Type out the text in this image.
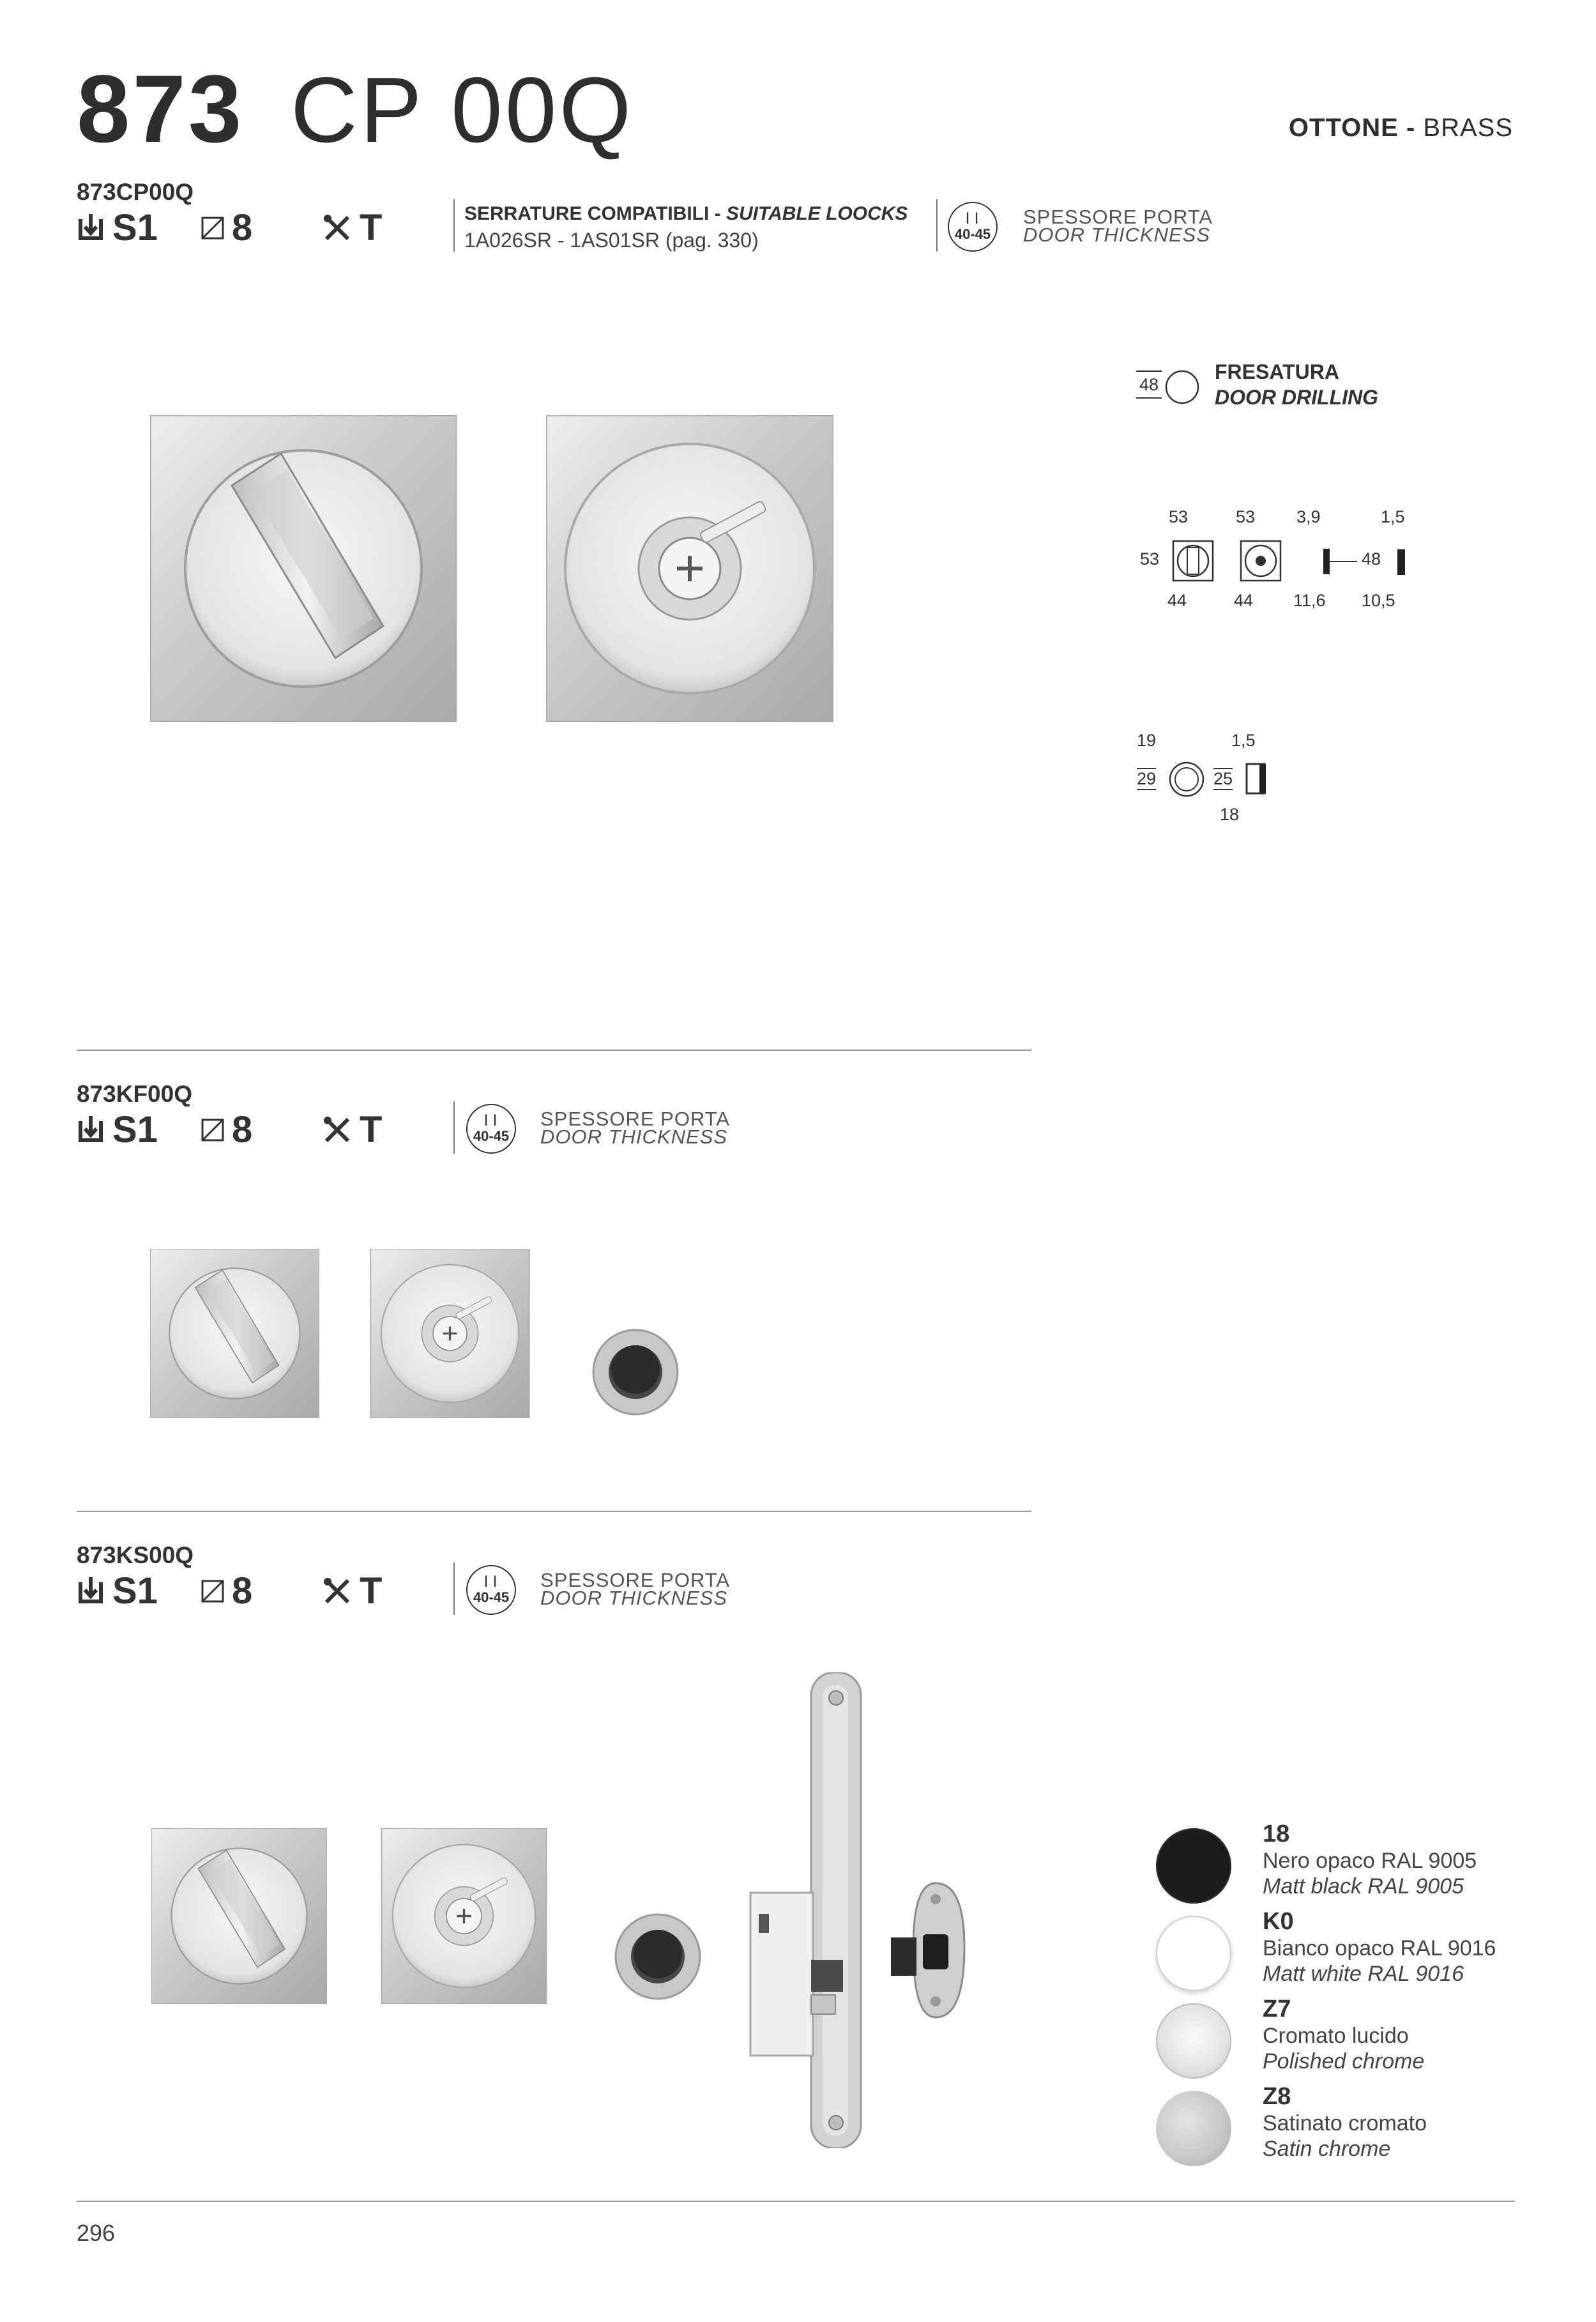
873 CP 00Q	OTTONE - BRASS
873CP00Q
S1 8	T	SERRATURE COMPATIBILI - SUITABLE LOOCKS
1A026SR - 1AS01SR (pag. 330)
| |
40-45
SPESSORE PORTA
DOOR THICKNESS
48
FRESATURA
DOOR DRILLING
53	53 3,9	1,5
53	48
44	44 11,6 10,5
19	1,5
29	25
18
873KF00Q
S1 8	T	| |
40-45
SPESSORE PORTA
DOOR THICKNESS
873KS00Q
S1 8	T	| |
40-45
SPESSORE PORTA
DOOR THICKNESS
18
Nero opaco RAL 9005
Matt black RAL 9005
K0
Bianco opaco RAL 9016
Matt white RAL 9016
Z7
Cromato lucido
Polished chrome
Z8
Satinato cromato
Satin chrome
296
